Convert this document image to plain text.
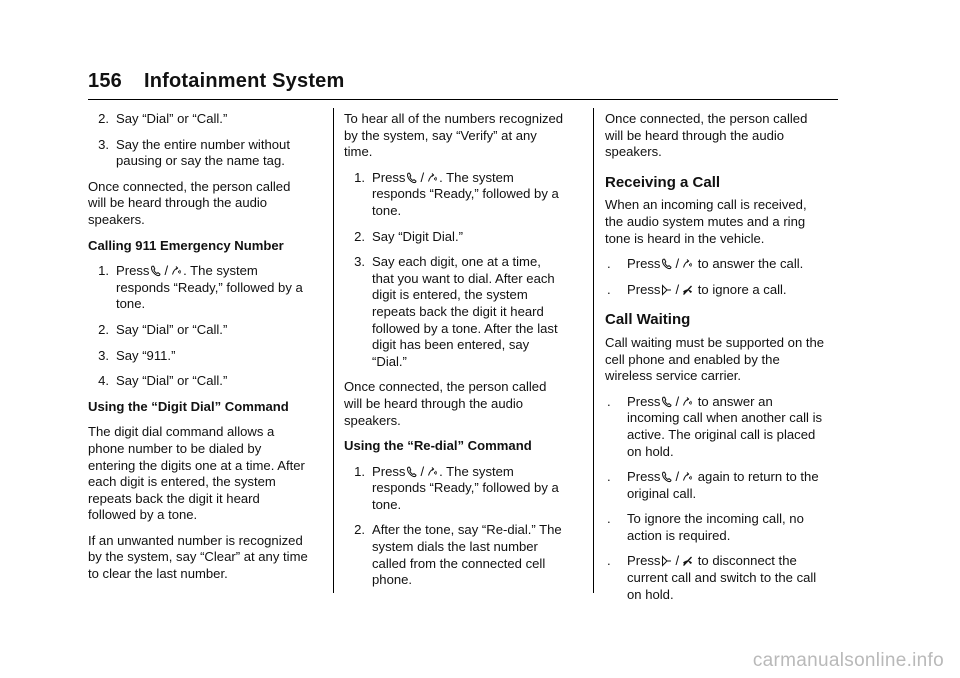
156 Infotainment System
2. Say “Dial” or “Call.”
3. Say the entire number without pausing or say the name tag.

Once connected, the person called will be heard through the audio speakers.

Calling 911 Emergency Number

1. Press / . The system responds “Ready,” followed by a tone.
2. Say “Dial” or “Call.”
3. Say “911.”
4. Say “Dial” or “Call.”

Using the “Digit Dial” Command

The digit dial command allows a phone number to be dialed by entering the digits one at a time. After each digit is entered, the system repeats back the digit it heard followed by a tone.

If an unwanted number is recognized by the system, say “Clear” at any time to clear the last number.

To hear all of the numbers recognized by the system, say “Verify” at any time.

1. Press / . The system responds “Ready,” followed by a tone.
2. Say “Digit Dial.”
3. Say each digit, one at a time, that you want to dial. After each digit is entered, the system repeats back the digit it heard followed by a tone. After the last digit has been entered, say “Dial.”

Once connected, the person called will be heard through the audio speakers.

Using the “Re-dial” Command

1. Press / . The system responds “Ready,” followed by a tone.
2. After the tone, say “Re-dial.” The system dials the last number called from the connected cell phone.

Once connected, the person called will be heard through the audio speakers.

Receiving a Call

When an incoming call is received, the audio system mutes and a ring tone is heard in the vehicle.

.	Press / to answer the call.
.	Press / to ignore a call.
Call Waiting

Call waiting must be supported on the cell phone and enabled by the wireless service carrier.

.	Press / to answer an incoming call when another call is active. The original call is placed on hold.
.	Press / again to return to the original call.
.	To ignore the incoming call, no action is required.
.	Press / to disconnect the current call and switch to the call on hold.
carmanualsonline.info
